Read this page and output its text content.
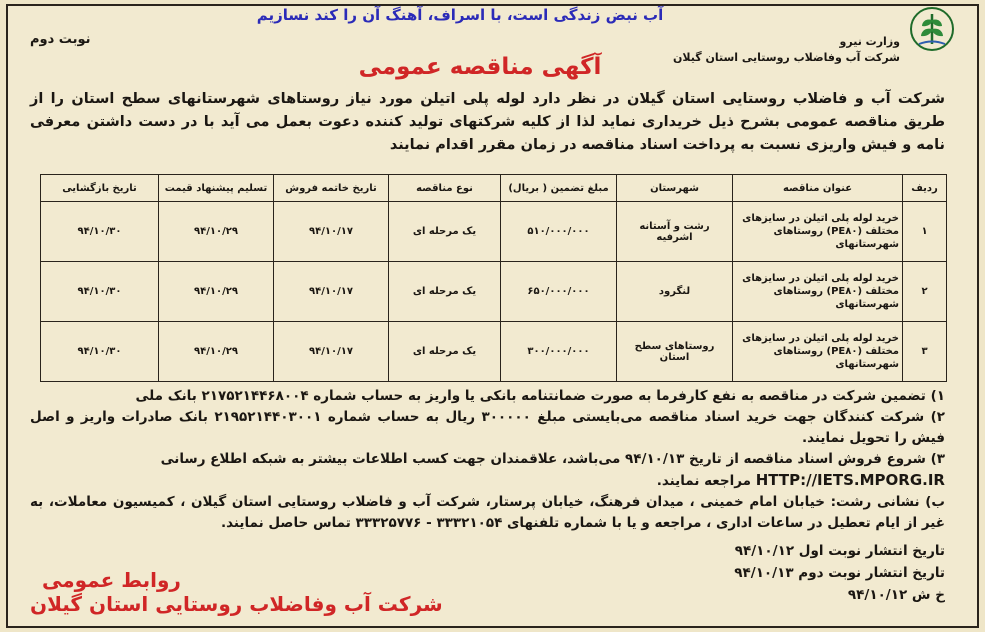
آب نبض زندگی است، با اسراف، آهنگ آن را کند نسازیم
نوبت دوم	وزارت نیرو
شرکت آب وفاضلاب روستایی استان گیلان
آگهی مناقصه عمومی
شرکت آب و فاضلاب روستایی استان گیلان در نظر دارد لوله پلی اتیلن مورد نیاز روستاهای شهرستانهای سطح استان را از طریق مناقصه عمومی بشرح ذیل خریداری نماید لذا از کلیه شرکتهای تولید کننده دعوت بعمل می آید با در دست داشتن معرفی نامه و فیش واریزی نسبت به پرداخت اسناد مناقصه در زمان مقرر اقدام نمایند
ردیف	عنوان مناقصه	شهرستان	مبلغ تضمین ( بریال)	نوع مناقصه	تاریخ خاتمه فروش	تسلیم پیشنهاد قیمت	تاریخ بازگشایی
۱	خرید لوله پلی اتیلن در سایزهای مختلف (PE۸۰) روستاهای شهرستانهای	رشت و آستانه اشرفیه	۵۱۰/۰۰۰/۰۰۰	یک مرحله ای	۹۴/۱۰/۱۷	۹۴/۱۰/۲۹	۹۴/۱۰/۳۰
۲	خرید لوله پلی اتیلن در سایزهای مختلف (PE۸۰) روستاهای شهرستانهای	لنگرود	۶۵۰/۰۰۰/۰۰۰	یک مرحله ای	۹۴/۱۰/۱۷	۹۴/۱۰/۲۹	۹۴/۱۰/۳۰
۳	خرید لوله پلی اتیلن در سایزهای مختلف (PE۸۰) روستاهای شهرستانهای	روستاهای سطح استان	۳۰۰/۰۰۰/۰۰۰	یک مرحله ای	۹۴/۱۰/۱۷	۹۴/۱۰/۲۹	۹۴/۱۰/۳۰

۱) تضمین شرکت در مناقصه به نفع کارفرما به صورت ضمانتنامه بانکی یا واریز به حساب شماره ۲۱۷۵۲۱۴۴۶۸۰۰۴ بانک ملی

۲) شرکت کنندگان جهت خرید اسناد مناقصه می‌بایستی مبلغ ۳۰۰۰۰۰ ریال به حساب شماره ۲۱۹۵۲۱۴۴۰۳۰۰۱ بانک صادرات واریز و اصل فیش را تحویل نمایند.

۳) شروع فروش اسناد مناقصه از تاریخ ۹۴/۱۰/۱۳ می‌باشد، علاقمندان جهت کسب اطلاعات بیشتر به شبکه اطلاع رسانی

HTTP://IETS.MPORG.IR مراجعه نمایند.

ب) نشانی رشت: خیابان امام خمینی ، میدان فرهنگ، خیابان پرستار، شرکت آب و فاضلاب روستایی استان گیلان ، کمیسیون معاملات، به غیر از ایام تعطیل در ساعات اداری ، مراجعه و یا با شماره تلفنهای ۳۳۳۲۱۰۵۴ - ۳۳۳۲۵۷۷۶ تماس حاصل نمایند.

تاریخ انتشار نوبت اول ۹۴/۱۰/۱۲
تاریخ انتشار نوبت دوم ۹۴/۱۰/۱۳
خ ش ۹۴/۱۰/۱۲
روابط عمومی
شرکت آب وفاضلاب روستایی استان گیلان
